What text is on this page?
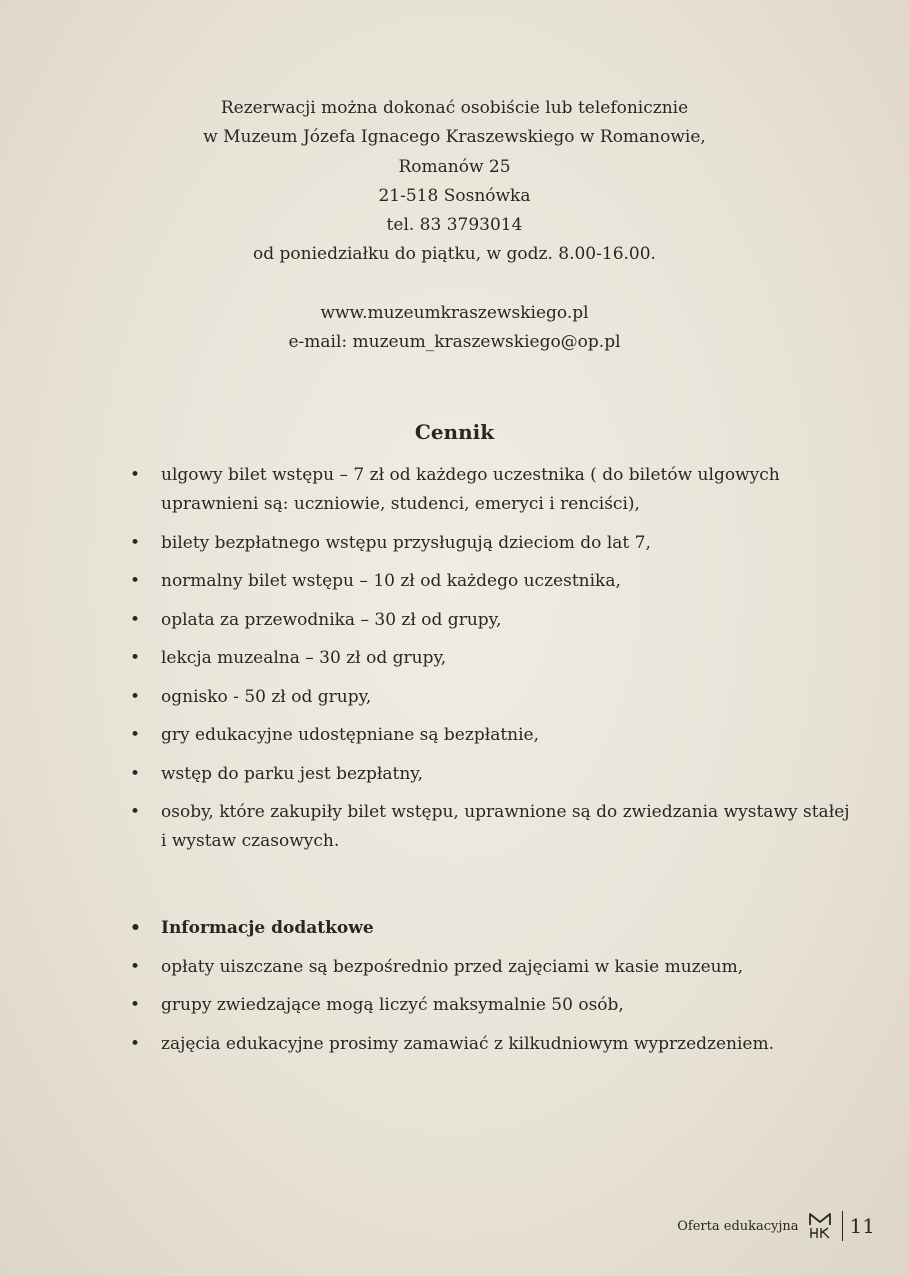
Rezerwacji można dokonać osobiście lub telefonicznie
w Muzeum Józefa Ignacego Kraszewskiego w Romanowie,
Romanów 25
21-518 Sosnówka
tel. 83 3793014
od poniedziałku do piątku, w godz. 8.00-16.00.
www.muzeumkraszewskiego.pl
e-mail: muzeum_kraszewskiego@op.pl
Cennik
• ulgowy bilet wstępu – 7 zł od każdego uczestnika ( do biletów ulgowych uprawnieni są: uczniowie, studenci, emeryci i renciści),
• bilety bezpłatnego wstępu przysługują dzieciom do lat 7,
• normalny bilet wstępu – 10 zł od każdego uczestnika,
• oplata za przewodnika – 30 zł od grupy,
• lekcja muzealna – 30 zł od grupy,
• ognisko - 50 zł od grupy,
• gry edukacyjne udostępniane są bezpłatnie,
• wstęp do parku jest bezpłatny,
• osoby, które zakupiły bilet wstępu, uprawnione są do zwiedzania wystawy stałej i wystaw czasowych.
• Informacje dodatkowe
• opłaty uiszczane są bezpośrednio przed zajęciami w kasie muzeum,
• grupy zwiedzające mogą liczyć maksymalnie 50 osób,
• zajęcia edukacyjne prosimy zamawiać z kilkudniowym wyprzedzeniem.
Oferta edukacyjna	11
